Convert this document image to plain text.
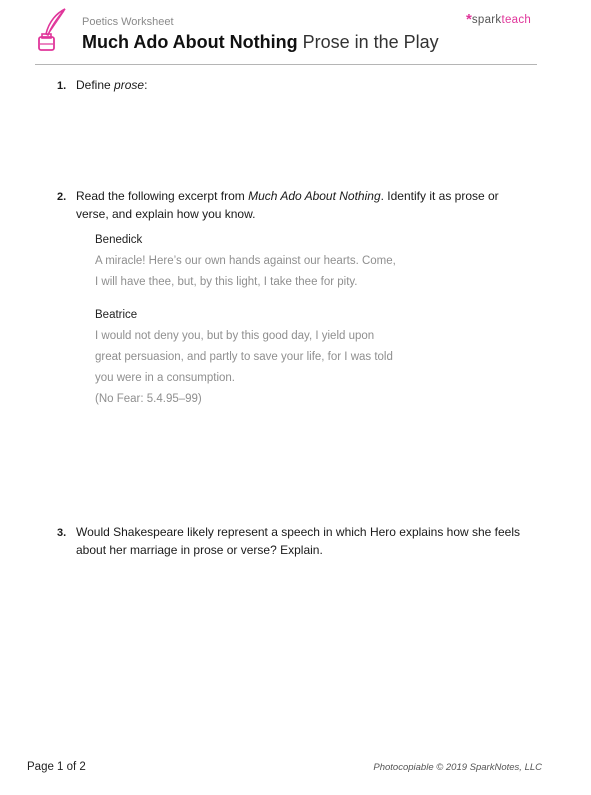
Poetics Worksheet
Much Ado About Nothing Prose in the Play
*sparkteach
1. Define prose:
2. Read the following excerpt from Much Ado About Nothing. Identify it as prose or verse, and explain how you know.
Benedick
A miracle! Here’s our own hands against our hearts. Come,
I will have thee, but, by this light, I take thee for pity.
Beatrice
I would not deny you, but by this good day, I yield upon
great persuasion, and partly to save your life, for I was told
you were in a consumption.
(No Fear: 5.4.95–99)
3. Would Shakespeare likely represent a speech in which Hero explains how she feels about her marriage in prose or verse? Explain.
Page 1 of 2	Photocopiable © 2019 SparkNotes, LLC
